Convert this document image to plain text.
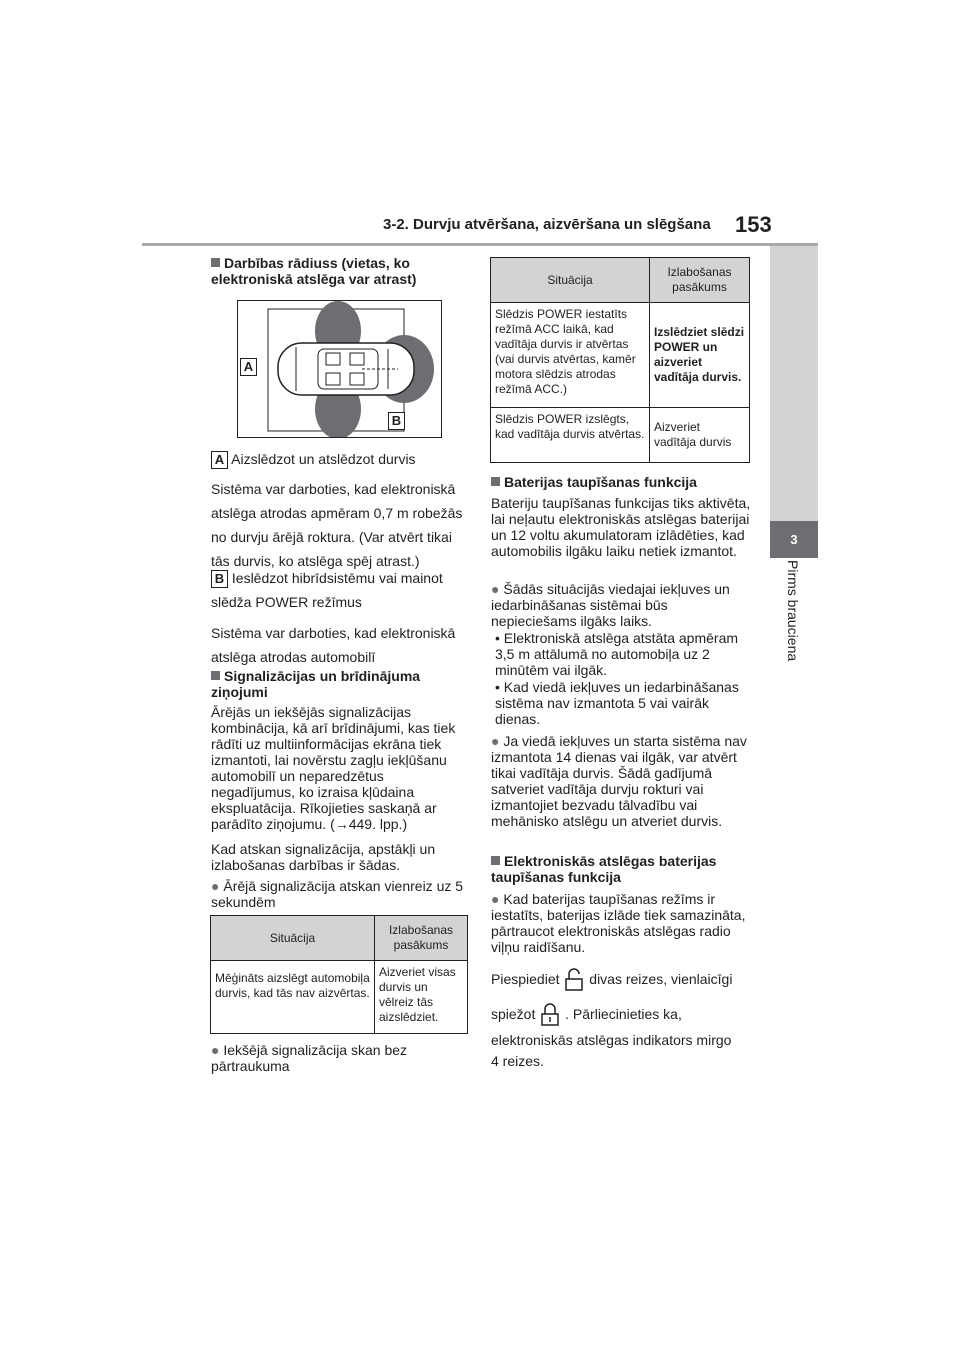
3-2. Durvju atvēršana, aizvēršana un slēgšana 153
3
Pirms brauciena
Darbības rādiuss (vietas, ko elektroniskā atslēga var atrast)
A
B
A Aizslēdzot un atslēdzot durvis
Sistēma var darboties, kad elektroniskā atslēga atrodas apmēram 0,7 m robežās no durvju ārējā roktura. (Var atvērt tikai tās durvis, ko atslēga spēj atrast.)
B Ieslēdzot hibrīdsistēmu vai mainot slēdža POWER režīmus
Sistēma var darboties, kad elektroniskā atslēga atrodas automobilī
Signalizācijas un brīdinājuma ziņojumi
Ārējās un iekšējās signalizācijas kombinācija, kā arī brīdinājumi, kas tiek rādīti uz multiinformācijas ekrāna tiek izmantoti, lai novērstu zagļu iekļūšanu automobilī un neparedzētus negadījumus, ko izraisa kļūdaina ekspluatācija. Rīkojieties saskaņā ar parādīto ziņojumu. (→449. lpp.)
Kad atskan signalizācija, apstākļi un izlabošanas darbības ir šādas.
● Ārējā signalizācija atskan vienreiz uz 5 sekundēm
Situācija	Izlabošanas pasākums
Mēģināts aizslēgt automobiļa durvis, kad tās nav aizvērtas.	Aizveriet visas durvis un vēlreiz tās aizslēdziet.
● Iekšējā signalizācija skan bez pārtraukuma
Situācija	Izlabošanas pasākums
Slēdzis POWER iestatīts režīmā ACC laikā, kad vadītāja durvis ir atvērtas (vai durvis atvērtas, kamēr motora slēdzis atrodas režīmā ACC.)	Izslēdziet slēdzi POWER un aizveriet vadītāja durvis.
Slēdzis POWER izslēgts, kad vadītāja durvis atvērtas.	Aizveriet vadītāja durvis
Baterijas taupīšanas funkcija
Bateriju taupīšanas funkcijas tiks aktivēta, lai neļautu elektroniskās atslēgas baterijai un 12 voltu akumulatoram izlādēties, kad automobilis ilgāku laiku netiek izmantot.
● Šādās situācijās viedajai iekļuves un iedarbināšanas sistēmai būs nepieciešams ilgāks laiks.
• Elektroniskā atslēga atstāta apmēram 3,5 m attālumā no automobiļa uz 2 minūtēm vai ilgāk.
• Kad viedā iekļuves un iedarbināšanas sistēma nav izmantota 5 vai vairāk dienas.
● Ja viedā iekļuves un starta sistēma nav izmantota 14 dienas vai ilgāk, var atvērt tikai vadītāja durvis. Šādā gadījumā satveriet vadītāja durvju rokturi vai izmantojiet bezvadu tālvadību vai mehānisko atslēgu un atveriet durvis.
Elektroniskās atslēgas baterijas taupīšanas funkcija
● Kad baterijas taupīšanas režīms ir iestatīts, baterijas izlāde tiek samazināta, pārtraucot elektroniskās atslēgas radio viļņu raidīšanu.
Piespiediet divas reizes, vienlaicīgi
spiežot . Pārliecinieties ka,
elektroniskās atslēgas indikators mirgo
4 reizes.
